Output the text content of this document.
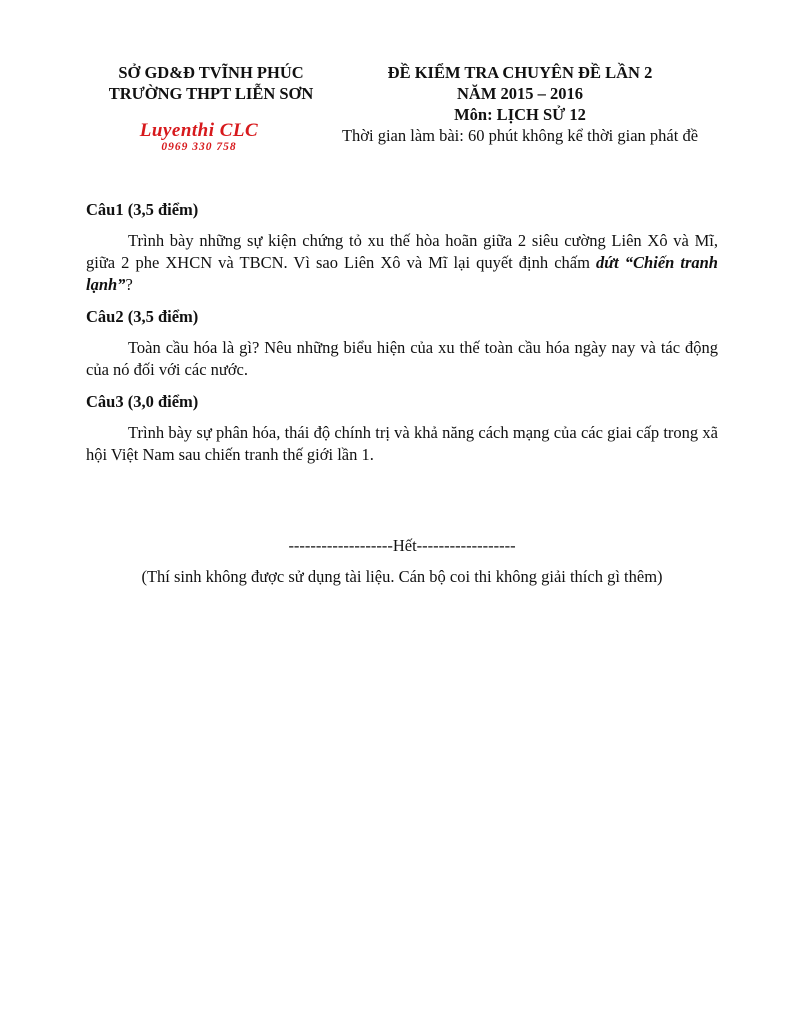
SỞ GD&Đ TVĨNH PHÚC
TRƯỜNG THPT LIỄN SƠN
Luyenthi CLC
0969 330 758
ĐỀ KIỂM TRA CHUYÊN ĐỀ LẦN 2
NĂM 2015 – 2016
Môn: LỊCH SỬ 12
Thời gian làm bài: 60 phút không kể thời gian phát đề
Câu1 (3,5 điểm)
Trình bày những sự kiện chứng tỏ xu thế hòa hoãn giữa 2 siêu cường Liên Xô và Mĩ, giữa 2 phe XHCN và TBCN. Vì sao Liên Xô và Mĩ lại quyết định chấm dứt “Chiến tranh lạnh”?
Câu2 (3,5 điểm)
Toàn cầu hóa là gì? Nêu những biểu hiện của xu thế toàn cầu hóa ngày nay và tác động của nó đối với các nước.
Câu3 (3,0 điểm)
Trình bày sự phân hóa, thái độ chính trị và khả năng cách mạng của các giai cấp trong xã hội Việt Nam sau chiến tranh thế giới lần 1.
-------------------Hết------------------
(Thí sinh không được sử dụng tài liệu. Cán bộ coi thi không giải thích gì thêm)
